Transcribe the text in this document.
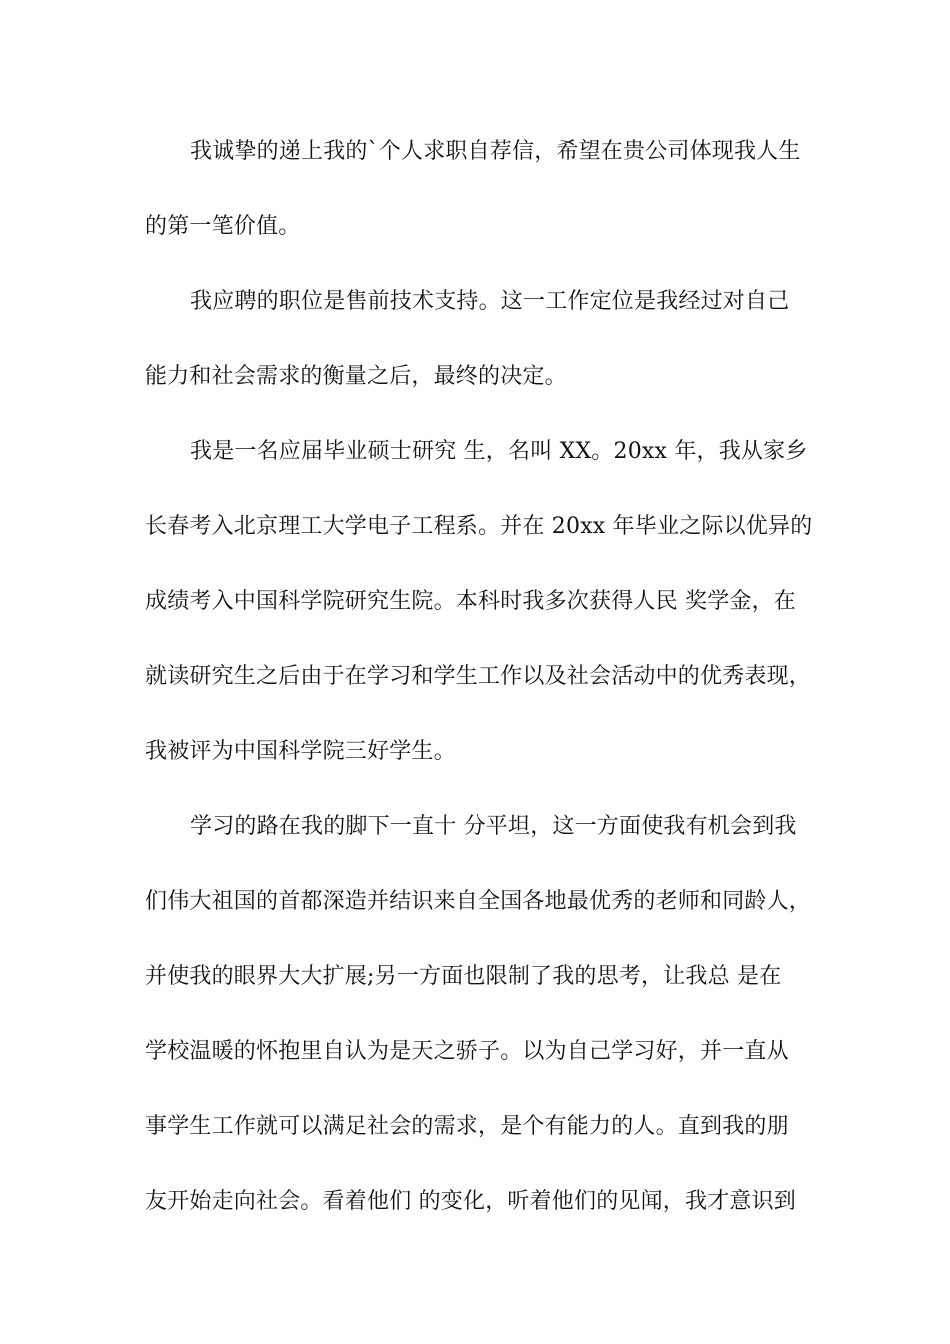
我诚挚的递上我的`个人求职自荐信，希望在贵公司体现我人生
的第一笔价值。
我应聘的职位是售前技术支持。这一工作定位是我经过对自己
能力和社会需求的衡量之后，最终的决定。
我是一名应届毕业硕士研究 生，名叫 XX。20xx 年，我从家乡
长春考入北京理工大学电子工程系。并在 20xx 年毕业之际以优异的
成绩考入中国科学院研究生院。本科时我多次获得人民 奖学金，在
就读研究生之后由于在学习和学生工作以及社会活动中的优秀表现，
我被评为中国科学院三好学生。
学习的路在我的脚下一直十 分平坦，这一方面使我有机会到我
们伟大祖国的首都深造并结识来自全国各地最优秀的老师和同龄人，
并使我的眼界大大扩展;另一方面也限制了我的思考，让我总 是在
学校温暖的怀抱里自认为是天之骄子。以为自己学习好，并一直从
事学生工作就可以满足社会的需求，是个有能力的人。直到我的朋
友开始走向社会。看着他们 的变化，听着他们的见闻，我才意识到
